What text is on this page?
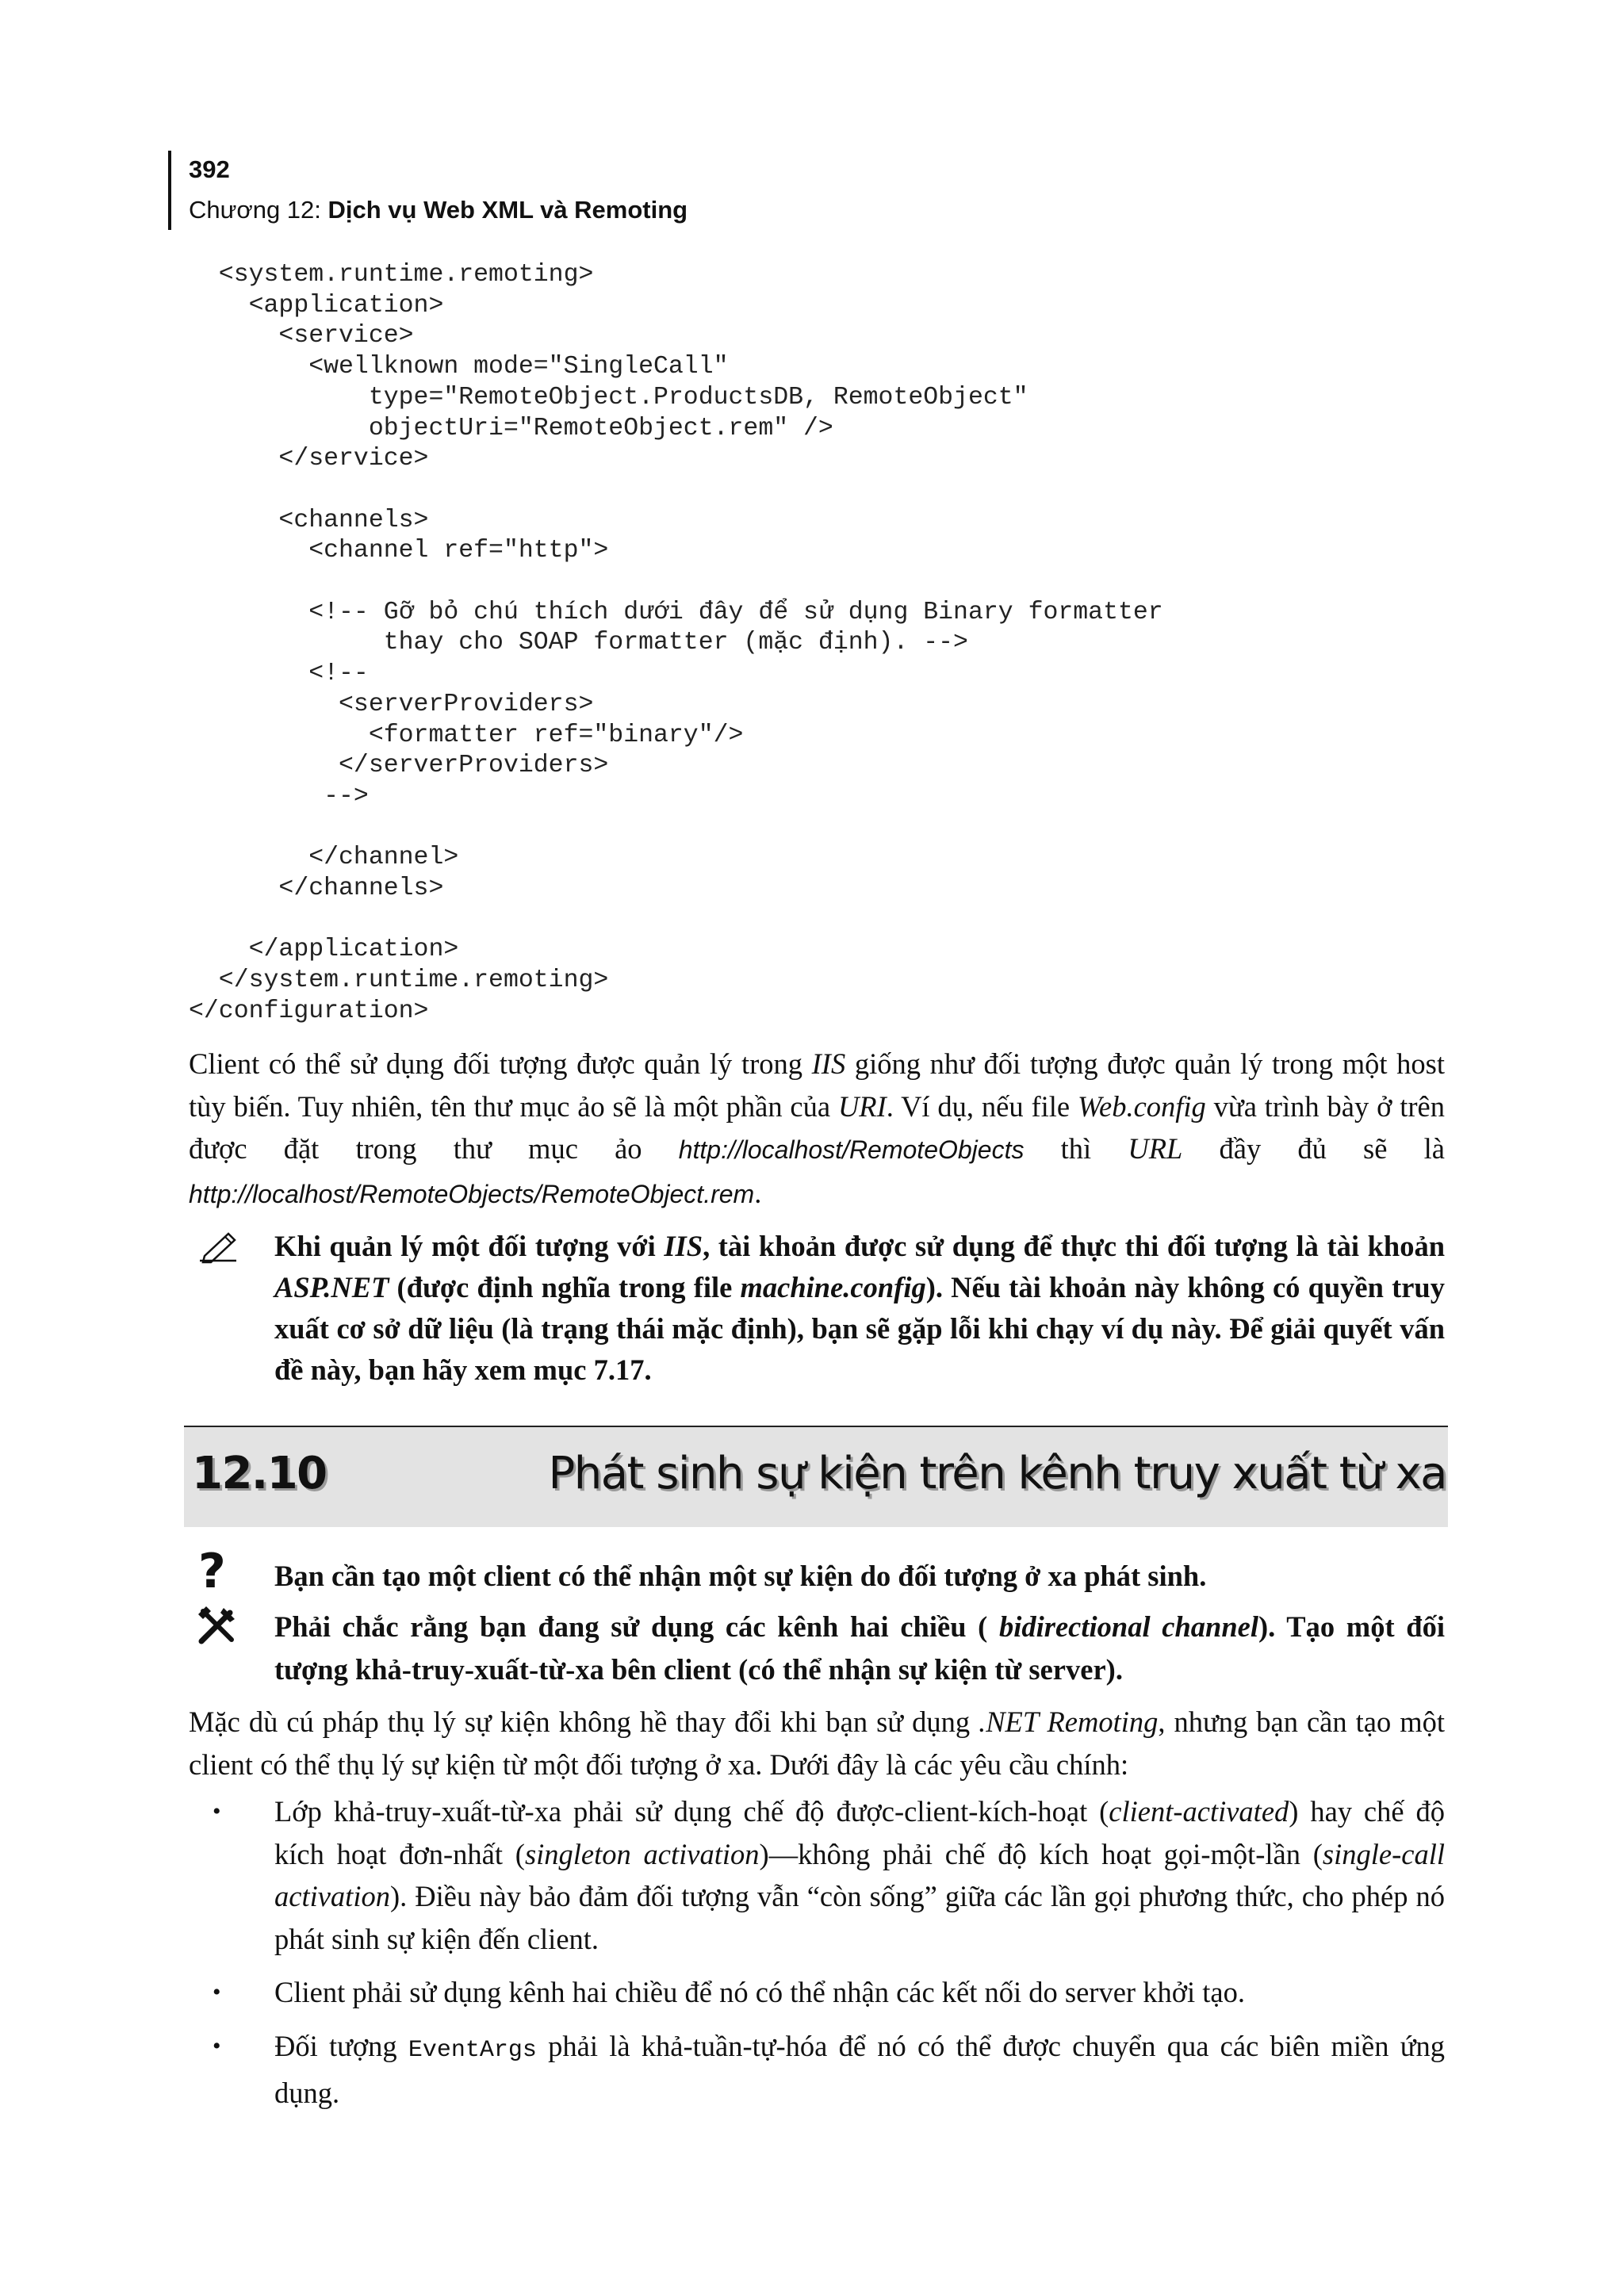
392
Chương 12: Dịch vụ Web XML và Remoting
<system.runtime.remoting>
<application>
<service>
<wellknown mode="SingleCall"
type="RemoteObject.ProductsDB, RemoteObject"
objectUri="RemoteObject.rem" />
</service>

<channels>
<channel ref="http">

<!-- Gỡ bỏ chú thích dưới đây để sử dụng Binary formatter
thay cho SOAP formatter (mặc định). -->
<!--
<serverProviders>
<formatter ref="binary"/>
</serverProviders>
-->

</channel>
</channels>

</application>
</system.runtime.remoting>
</configuration>

Client có thể sử dụng đối tượng được quản lý trong IIS giống như đối tượng được quản lý trong một host tùy biến. Tuy nhiên, tên thư mục ảo sẽ là một phần của URI. Ví dụ, nếu file Web.config vừa trình bày ở trên được đặt trong thư mục ảo http://localhost/RemoteObjects thì URL đầy đủ sẽ là http://localhost/RemoteObjects/RemoteObject.rem.

Khi quản lý một đối tượng với IIS, tài khoản được sử dụng để thực thi đối tượng là tài khoản ASP.NET (được định nghĩa trong file machine.config). Nếu tài khoản này không có quyền truy xuất cơ sở dữ liệu (là trạng thái mặc định), bạn sẽ gặp lỗi khi chạy ví dụ này. Để giải quyết vấn đề này, bạn hãy xem mục 7.17.

12.10	Phát sinh sự kiện trên kênh truy xuất từ xa
? Bạn cần tạo một client có thể nhận một sự kiện do đối tượng ở xa phát sinh.

Phải chắc rằng bạn đang sử dụng các kênh hai chiều ( bidirectional channel). Tạo một đối tượng khả-truy-xuất-từ-xa bên client (có thể nhận sự kiện từ server).

Mặc dù cú pháp thụ lý sự kiện không hề thay đổi khi bạn sử dụng .NET Remoting, nhưng bạn cần tạo một client có thể thụ lý sự kiện từ một đối tượng ở xa. Dưới đây là các yêu cầu chính:

• Lớp khả-truy-xuất-từ-xa phải sử dụng chế độ được-client-kích-hoạt (client-activated) hay chế độ kích hoạt đơn-nhất (singleton activation)—không phải chế độ kích hoạt gọi-một-lần (single-call activation). Điều này bảo đảm đối tượng vẫn “còn sống” giữa các lần gọi phương thức, cho phép nó phát sinh sự kiện đến client.
• Client phải sử dụng kênh hai chiều để nó có thể nhận các kết nối do server khởi tạo.
• Đối tượng EventArgs phải là khả-tuần-tự-hóa để nó có thể được chuyển qua các biên miền ứng dụng.
